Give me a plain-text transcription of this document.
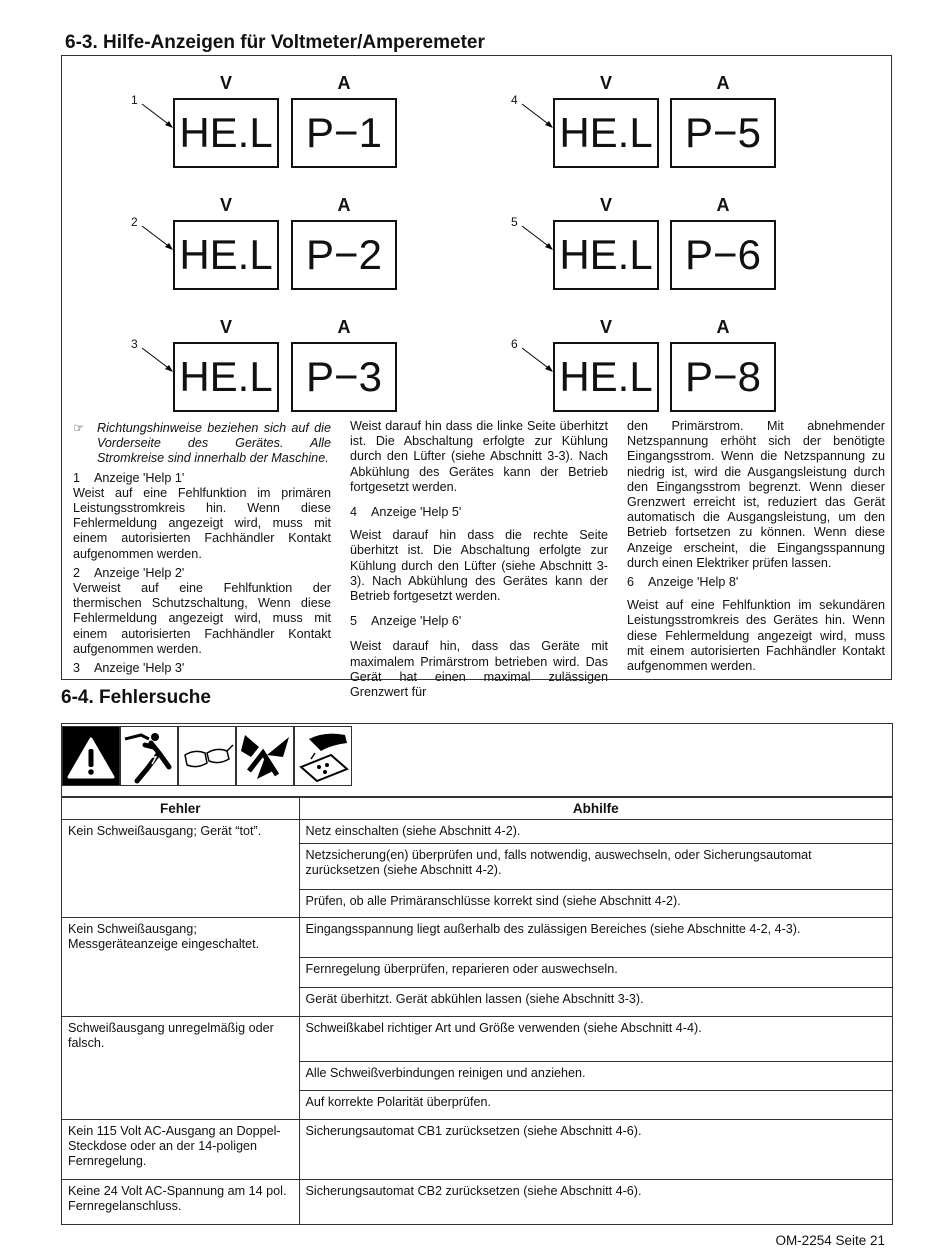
6-3. Hilfe-Anzeigen für Voltmeter/Amperemeter
V	A
1
HE.L P−1
V	A
2
HE.L P−2
V	A
3
HE.L P−3
V	A
4
HE.L P−5
V	A
5
HE.L P−6
V	A
6
HE.L P−8

☞ Richtungshinweise beziehen sich auf die Vorderseite des Gerätes. Alle Stromkreise sind innerhalb der Maschine.

1 Anzeige 'Help 1'

Weist auf eine Fehlfunktion im primären Leistungsstromkreis hin. Wenn diese Fehlermeldung angezeigt wird, muss mit einem autorisierten Fachhändler Kontakt aufgenommen werden.

2 Anzeige 'Help 2'

Verweist auf eine Fehlfunktion der thermischen Schutzschaltung, Wenn diese Fehlermeldung angezeigt wird, muss mit einem autorisierten Fachhändler Kontakt aufgenommen werden.

3 Anzeige 'Help 3'

Weist darauf hin dass die linke Seite überhitzt ist. Die Abschaltung erfolgte zur Kühlung durch den Lüfter (siehe Abschnitt 3-3). Nach Abkühlung des Gerätes kann der Betrieb fortgesetzt werden.

4 Anzeige 'Help 5'

Weist darauf hin dass die rechte Seite überhitzt ist. Die Abschaltung erfolgte zur Kühlung durch den Lüfter (siehe Abschnitt 3-3). Nach Abkühlung des Gerätes kann der Betrieb fortgesetzt werden.

5 Anzeige 'Help 6'

Weist darauf hin, dass das Geräte mit maximalem Primärstrom betrieben wird. Das Gerät hat einen maximal zulässigen Grenzwert für

den Primärstrom. Mit abnehmender Netzspannung erhöht sich der benötigte Eingangsstrom. Wenn die Netzspannung zu niedrig ist, wird die Ausgangsleistung durch den Eingangsstrom begrenzt. Wenn dieser Grenzwert erreicht ist, reduziert das Gerät automatisch die Ausgangsleistung, um den Betrieb fortsetzen zu können. Wenn diese Anzeige erscheint, die Eingangsspannung durch einen Elektriker prüfen lassen.

6 Anzeige 'Help 8'

Weist auf eine Fehlfunktion im sekundären Leistungsstromkreis des Gerätes hin. Wenn diese Fehlermeldung angezeigt wird, muss mit einem autorisierten Fachhändler Kontakt aufgenommen werden.

6-4. Fehlersuche
Fehler	Abhilfe
Kein Schweißausgang; Gerät “tot”.	Netz einschalten (siehe Abschnitt 4-2).
	Netzsicherung(en) überprüfen und, falls notwendig, auswechseln, oder Sicherungsautomat zurücksetzen (siehe Abschnitt 4-2).
	Prüfen, ob alle Primäranschlüsse korrekt sind (siehe Abschnitt 4-2).
Kein Schweißausgang; Messgeräteanzeige eingeschaltet.	Eingangsspannung liegt außerhalb des zulässigen Bereiches (siehe Abschnitte 4-2, 4-3).
	Fernregelung überprüfen, reparieren oder auswechseln.
	Gerät überhitzt. Gerät abkühlen lassen (siehe Abschnitt 3-3).
Schweißausgang unregelmäßig oder falsch.	Schweißkabel richtiger Art und Größe verwenden (siehe Abschnitt 4-4).
	Alle Schweißverbindungen reinigen und anziehen.
	Auf korrekte Polarität überprüfen.
Kein 115 Volt AC-Ausgang an Doppel-Steckdose oder an der 14-poligen Fernregelung.	Sicherungsautomat CB1 zurücksetzen (siehe Abschnitt 4-6).
Keine 24 Volt AC-Spannung am 14 pol. Fernregelanschluss.	Sicherungsautomat CB2 zurücksetzen (siehe Abschnitt 4-6).
OM-2254 Seite 21
